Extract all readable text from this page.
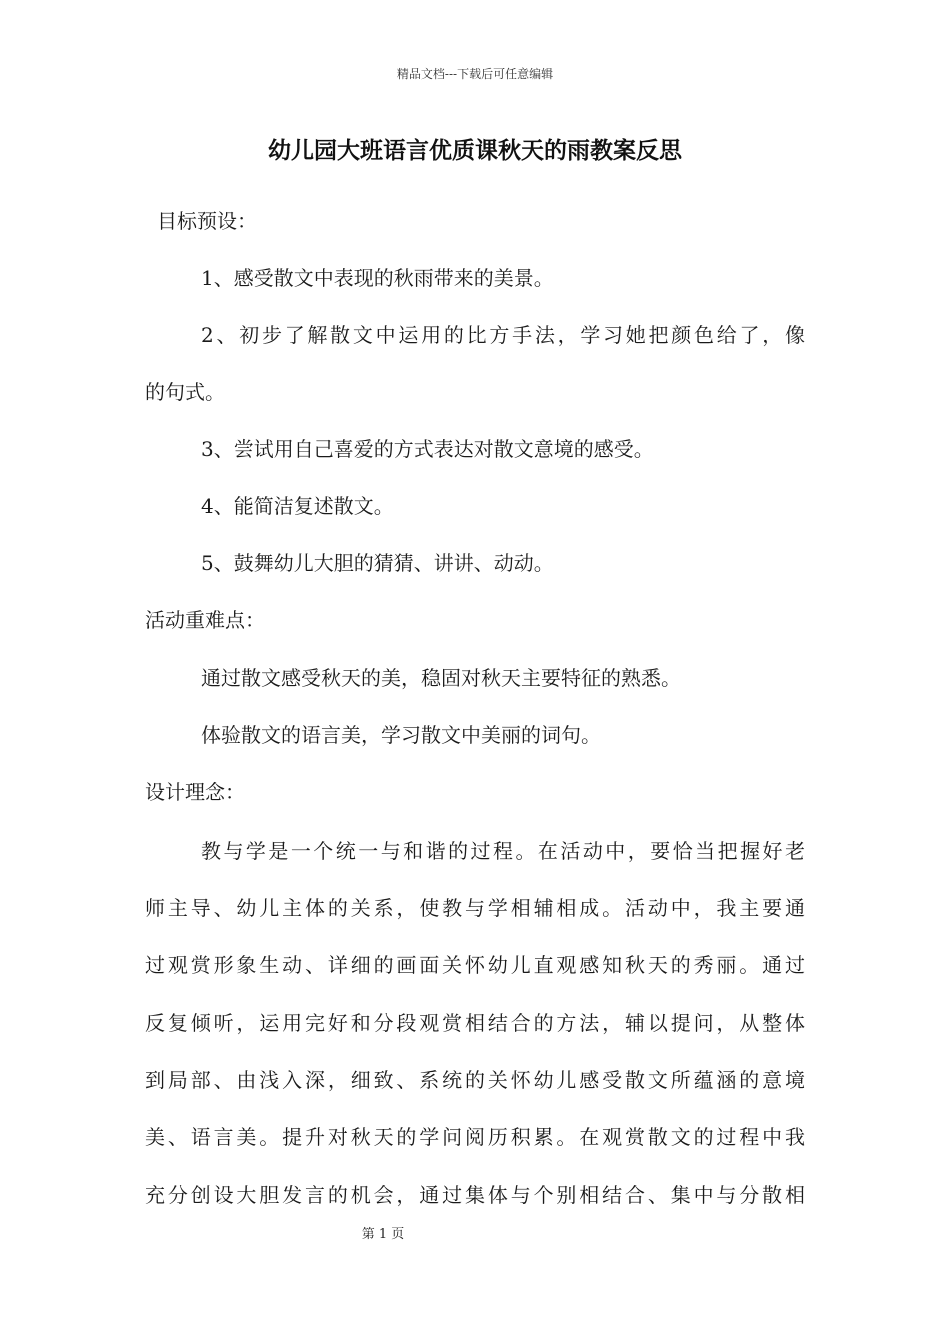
精品文档---下载后可任意编辑
幼儿园大班语言优质课秋天的雨教案反思
目标预设：
1、感受散文中表现的秋雨带来的美景。
2、初步了解散文中运用的比方手法，学习她把颜色给了，像
的句式。
3、尝试用自己喜爱的方式表达对散文意境的感受。
4、能简洁复述散文。
5、鼓舞幼儿大胆的猜猜、讲讲、动动。
活动重难点：
通过散文感受秋天的美，稳固对秋天主要特征的熟悉。
体验散文的语言美，学习散文中美丽的词句。
设计理念：
教与学是一个统一与和谐的过程。在活动中，要恰当把握好老
师主导、幼儿主体的关系，使教与学相辅相成。活动中，我主要通
过观赏形象生动、详细的画面关怀幼儿直观感知秋天的秀丽。通过
反复倾听，运用完好和分段观赏相结合的方法，辅以提问，从整体
到局部、由浅入深，细致、系统的关怀幼儿感受散文所蕴涵的意境
美、语言美。提升对秋天的学问阅历积累。在观赏散文的过程中我
充分创设大胆发言的机会，通过集体与个别相结合、集中与分散相
第 1 页
